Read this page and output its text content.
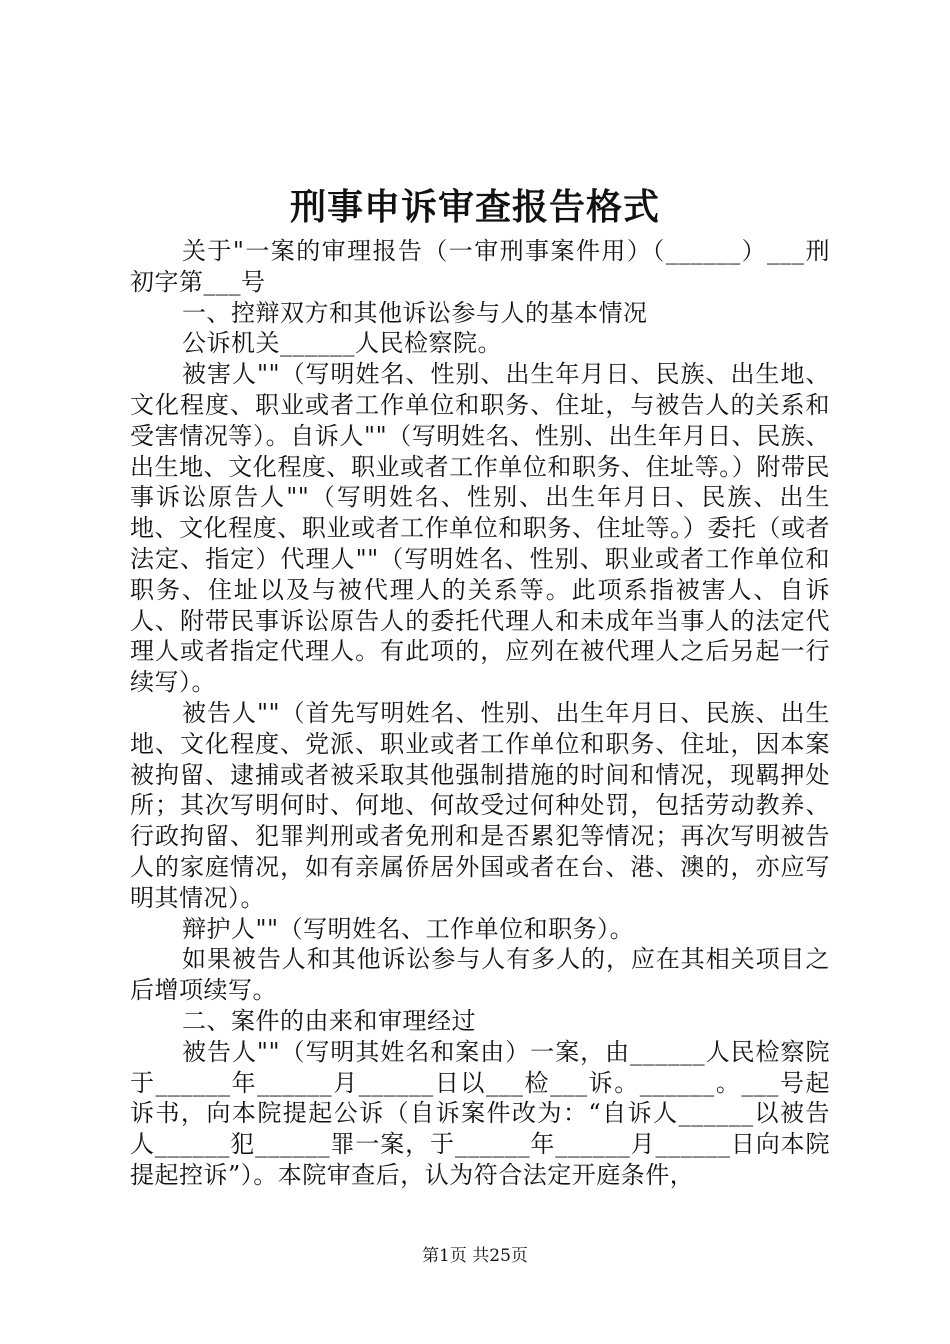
刑事申诉审查报告格式

关于"一案的审理报告（一审刑事案件用）（______）___刑初字第___号

一、控辩双方和其他诉讼参与人的基本情况

公诉机关______人民检察院。

被害人""（写明姓名、性别、出生年月日、民族、出生地、文化程度、职业或者工作单位和职务、住址，与被告人的关系和受害情况等）。自诉人""（写明姓名、性别、出生年月日、民族、出生地、文化程度、职业或者工作单位和职务、住址等。）附带民事诉讼原告人""（写明姓名、性别、出生年月日、民族、出生地、文化程度、职业或者工作单位和职务、住址等。）委托（或者法定、指定）代理人""（写明姓名、性别、职业或者工作单位和职务、住址以及与被代理人的关系等。此项系指被害人、自诉人、附带民事诉讼原告人的委托代理人和未成年当事人的法定代理人或者指定代理人。有此项的，应列在被代理人之后另起一行续写）。

被告人""（首先写明姓名、性别、出生年月日、民族、出生地、文化程度、党派、职业或者工作单位和职务、住址，因本案被拘留、逮捕或者被采取其他强制措施的时间和情况，现羁押处所；其次写明何时、何地、何故受过何种处罚，包括劳动教养、行政拘留、犯罪判刑或者免刑和是否累犯等情况；再次写明被告人的家庭情况，如有亲属侨居外国或者在台、港、澳的，亦应写明其情况）。

辩护人""（写明姓名、工作单位和职务）。

如果被告人和其他诉讼参与人有多人的，应在其相关项目之后增项续写。

二、案件的由来和审理经过

被告人""（写明其姓名和案由）一案，由______人民检察院于______年______月______日以___检___诉。______。___号起诉书，向本院提起公诉（自诉案件改为：“自诉人______以被告人______犯______罪一案，于______年______月______日向本院提起控诉”）。本院审查后，认为符合法定开庭条件，

第1页 共25页
